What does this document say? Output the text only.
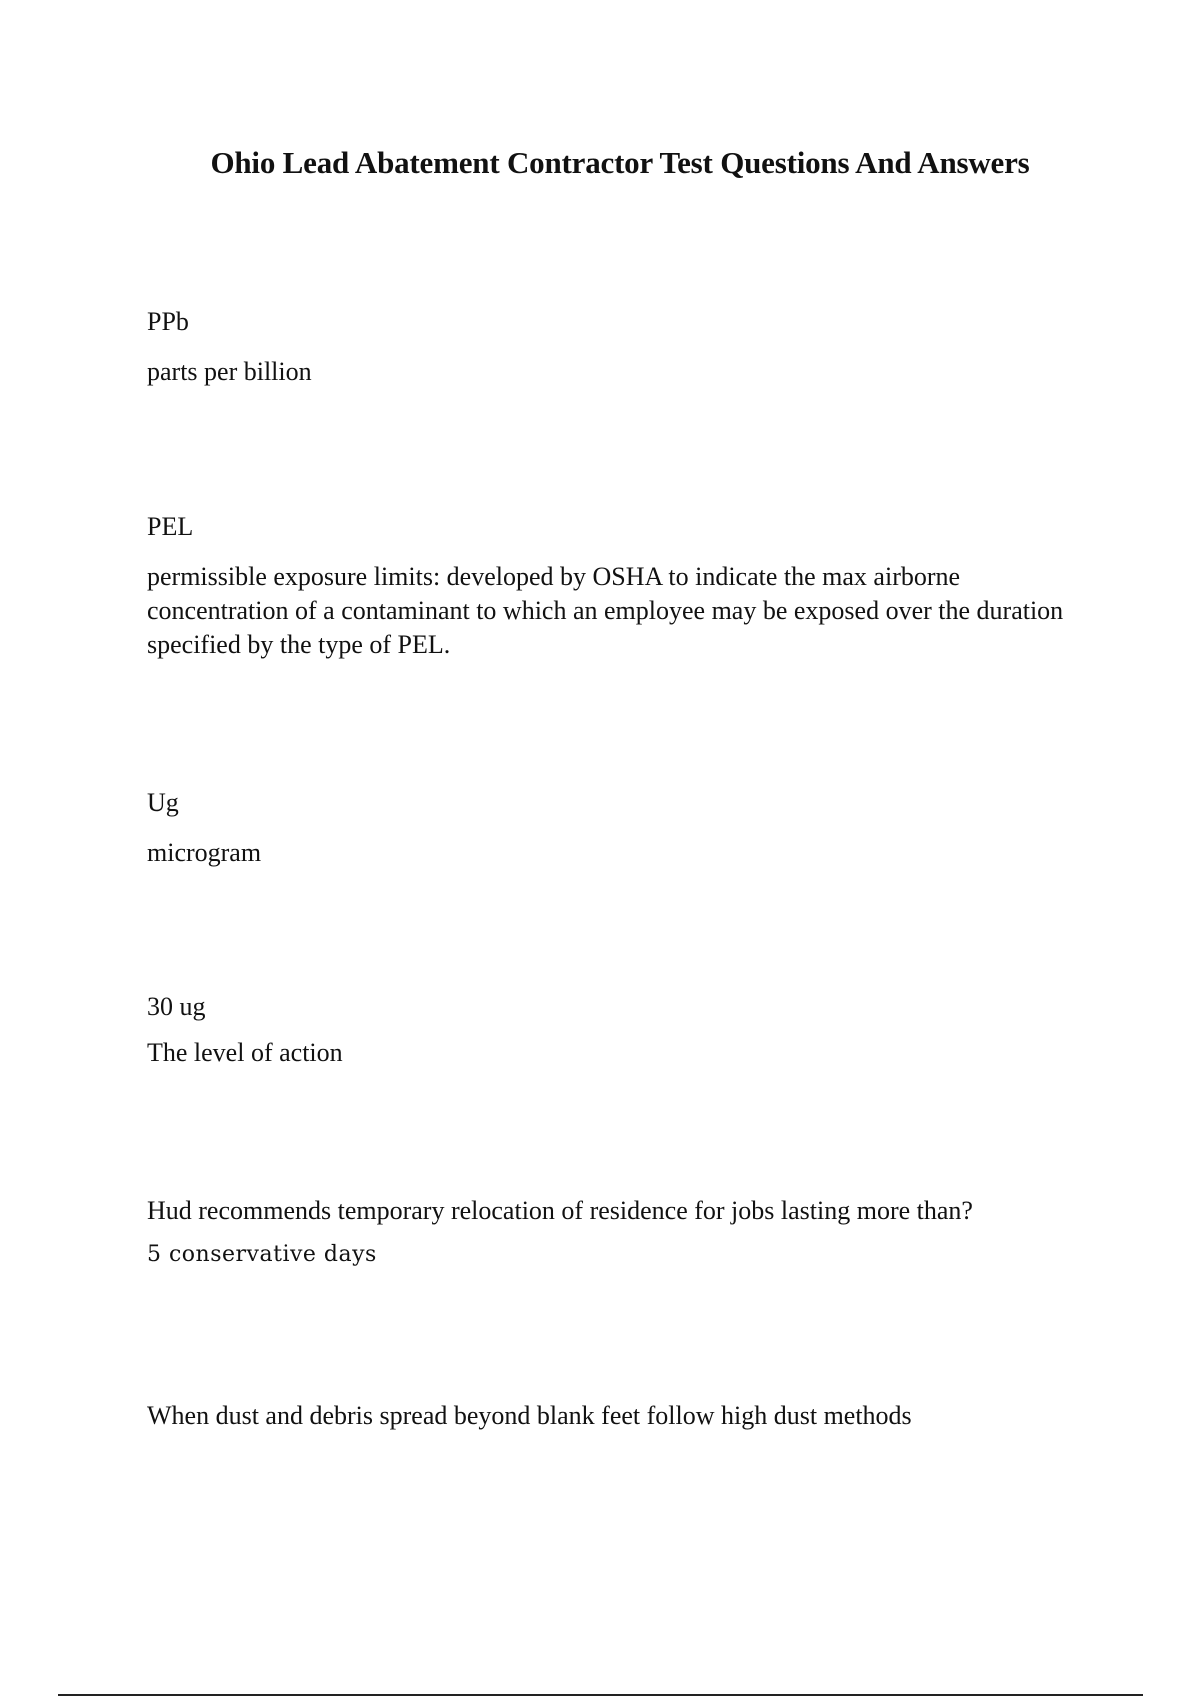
Ohio Lead Abatement Contractor Test Questions And Answers
PPb
parts per billion
PEL
permissible exposure limits: developed by OSHA to indicate the max airborne concentration of a contaminant to which an employee may be exposed over the duration specified by the type of PEL.
Ug
microgram
30 ug
The level of action
Hud recommends temporary relocation of residence for jobs lasting more than?
5 conservative days
When dust and debris spread beyond blank feet follow high dust methods
